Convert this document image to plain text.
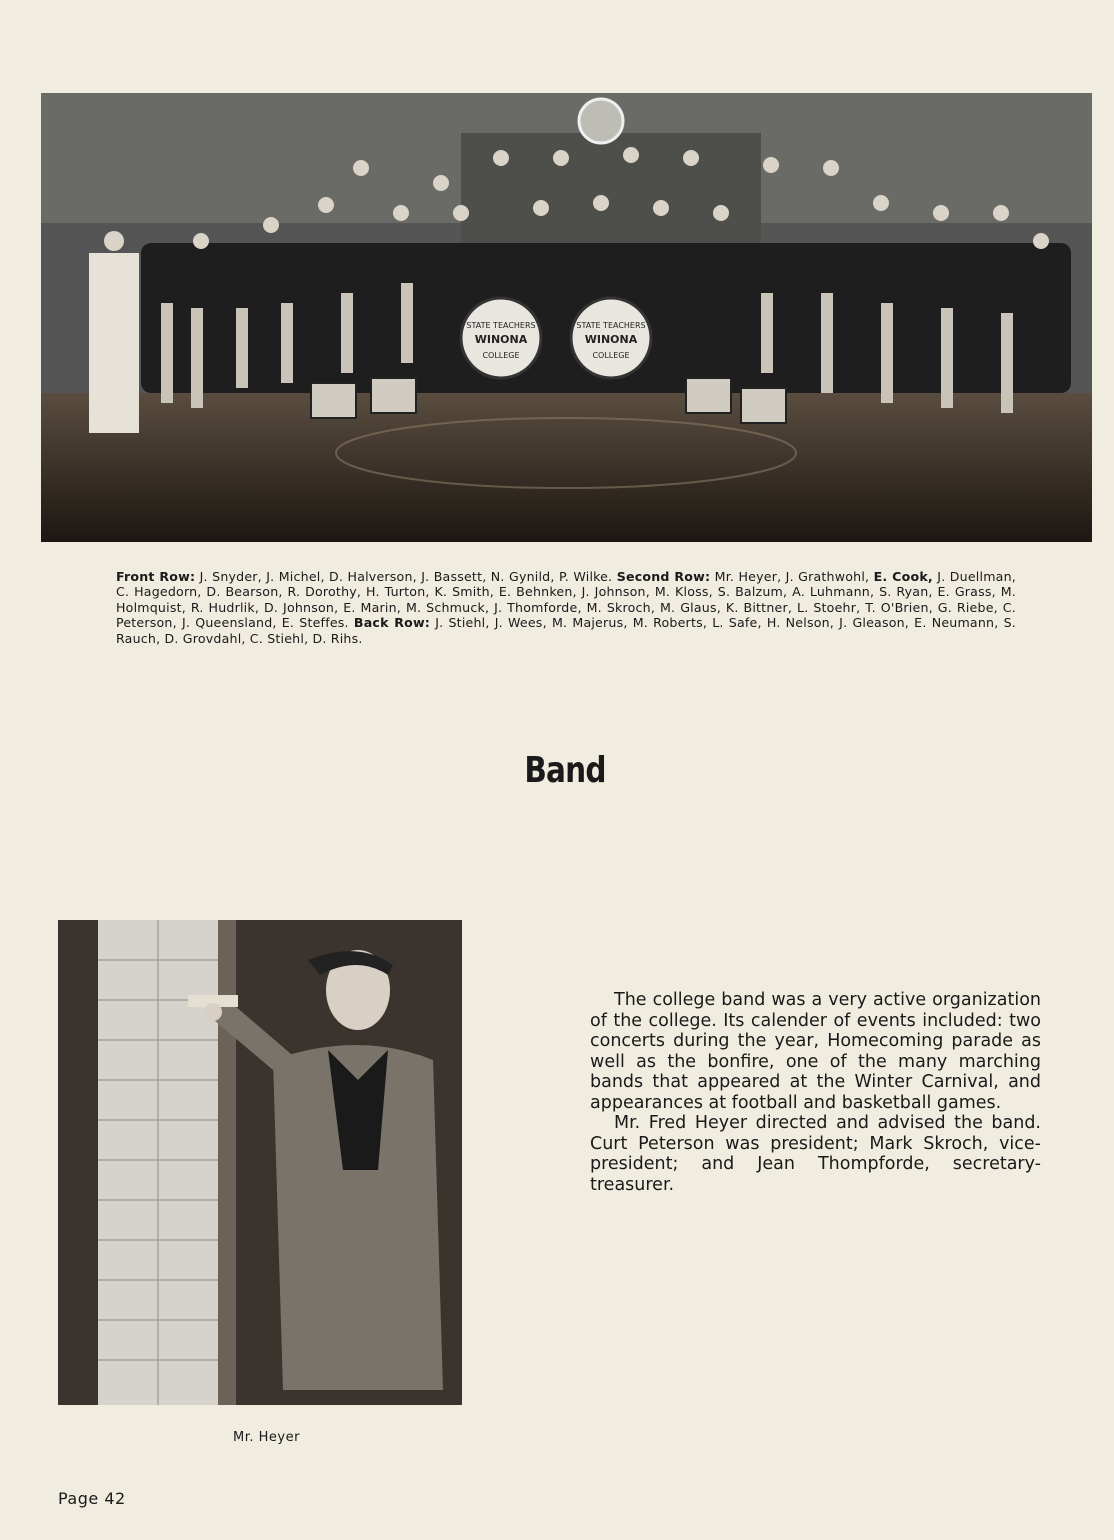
STATE TEACHERS
WINONA
COLLEGE
STATE TEACHERS
WINONA
COLLEGE
Front Row: J. Snyder, J. Michel, D. Halverson, J. Bassett, N. Gynild, P. Wilke. Second Row: Mr. Heyer, J. Grathwohl, E. Cook, J. Duellman, C. Hagedorn, D. Bearson, R. Dorothy, H. Turton, K. Smith, E. Behnken, J. Johnson, M. Kloss, S. Balzum, A. Luhmann, S. Ryan, E. Grass, M. Holmquist, R. Hudrlik, D. Johnson, E. Marin, M. Schmuck, J. Thomforde, M. Skroch, M. Glaus, K. Bittner, L. Stoehr, T. O'Brien, G. Riebe, C. Peterson, J. Queensland, E. Steffes. Back Row: J. Stiehl, J. Wees, M. Majerus, M. Roberts, L. Safe, H. Nelson, J. Gleason, E. Neumann, S. Rauch, D. Grovdahl, C. Stiehl, D. Rihs.
Band

The college band was a very active organization of the college. Its calender of events included: two concerts during the year, Homecoming parade as well as the bonfire, one of the many marching bands that appeared at the Winter Carnival, and appearances at football and basketball games.

Mr. Fred Heyer directed and advised the band. Curt Peterson was president; Mark Skroch, vice-president; and Jean Thompforde, secretary-treasurer.

Mr. Heyer
Page 42
